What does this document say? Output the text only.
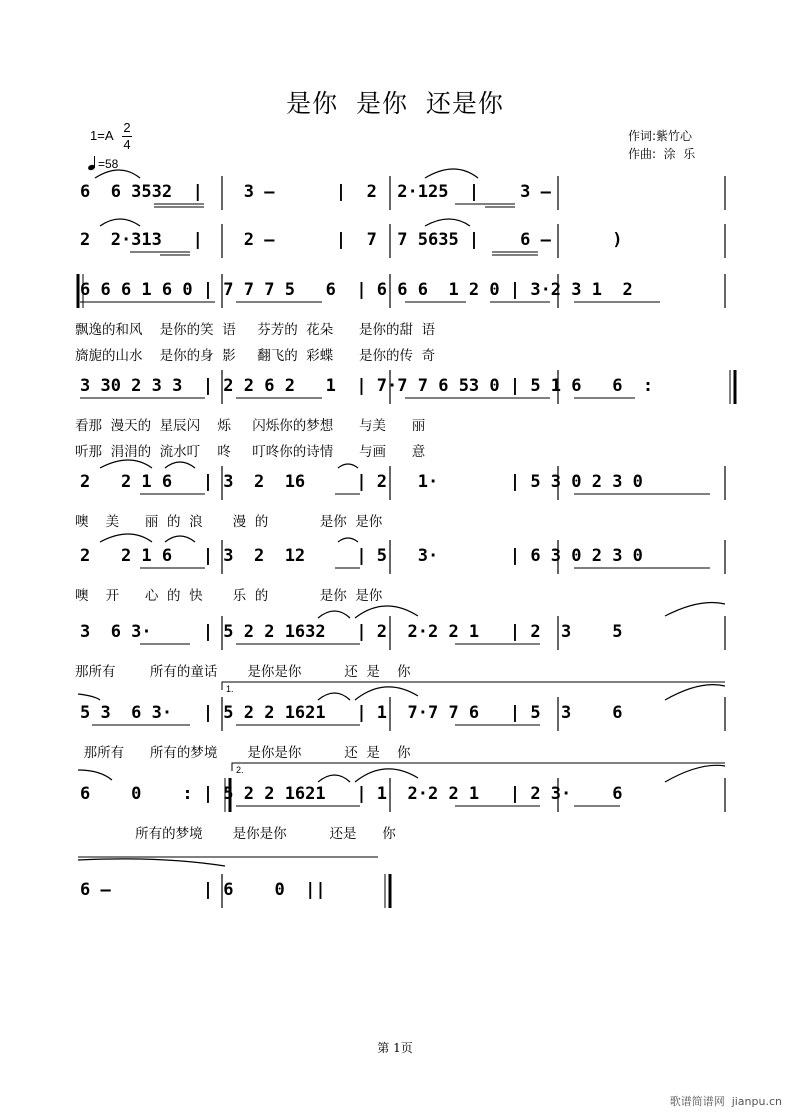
是你  是你  还是你
1=A
2
4
=58
作词:紫竹心
作曲:  涂  乐
6  6 3532  |    3 –      |  2  2·125  |    3 –
2  2·313   |    2 –      |  7  7 5635 |    6 –      )
6 6 6 1 6 0 | 7 7 7 5   6  | 6 6 6  1 2 0 | 3·2 3 1  2
飘逸的和风    是你的笑  语     芬芳的  花朵      是你的甜  语
旖旎的山水    是你的身  影     翻飞的  彩蝶      是你的传  奇
3 30 2 3 3  | 2 2 6 2   1  | 7·7 7 6 53 0 | 5 1 6   6  :
看那  漫天的  星辰闪    烁     闪烁你的梦想      与美      丽
听那  涓涓的  流水叮    咚     叮咚你的诗情      与画      意
2   2 1 6   | 3  2  16     | 2   1·       | 5 3 0 2 3 0
噢    美      丽  的  浪       漫  的            是你  是你
2   2 1 6   | 3  2  12     | 5   3·       | 6 3 0 2 3 0
噢    开      心  的  快       乐  的            是你  是你
3  6 3·     | 5 2 2 1632   | 2  2·2 2 1   | 2  3    5
那所有        所有的童话       是你是你          还  是    你
5 3  6 3·   | 5 2 2 1621   | 1  7·7 7 6   | 5  3    6
那所有      所有的梦境       是你是你          还  是    你
6    0    : | 5 2 2 1621   | 1  2·2 2 1   | 2 3·    6
所有的梦境       是你是你          还是      你
6 –         | 6    0  ||
1.
2.
第 1页
歌谱简谱网  jianpu.cn
